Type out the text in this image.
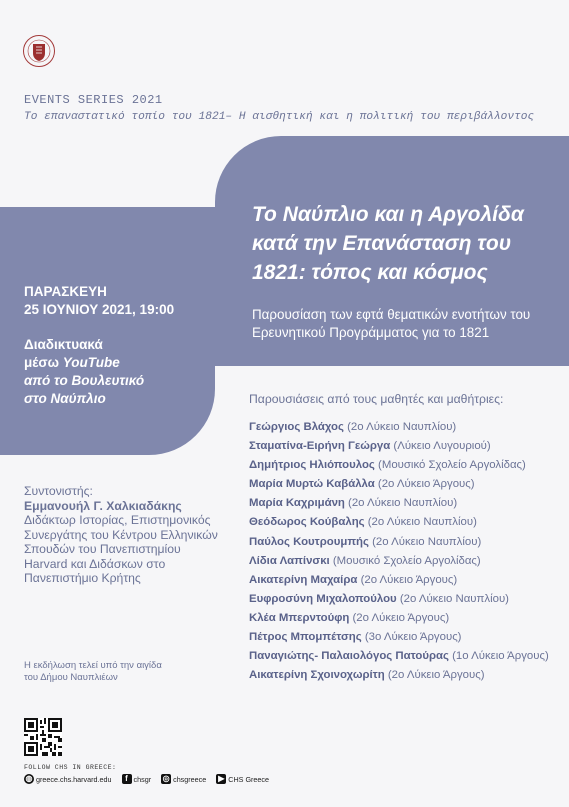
EVENTS SERIES 2021
Το επαναστατικό τοπίο του 1821– Η αισθητική και η πολιτική του περιβάλλοντος
Το Ναύπλιο και η Αργολίδα κατά την Επανάσταση του 1821: τόπος και κόσμος
Παρουσίαση των εφτά θεματικών ενοτήτων του Ερευνητικού Προγράμματος για το 1821
ΠΑΡΑΣΚΕΥΗ
25 ΙΟΥΝΙΟΥ 2021, 19:00
Διαδικτυακά
μέσω YouTube
από το Βουλευτικό
στο Ναύπλιο
Συντονιστής:
Εμμανουήλ Γ. Χαλκιαδάκης
Διδάκτωρ Ιστορίας, Επιστημονικός Συνεργάτης του Κέντρου Ελληνικών Σπουδών του Πανεπιστημίου Harvard και Διδάσκων στο Πανεπιστήμιο Κρήτης
Η εκδήλωση τελεί υπό την αιγίδα
του Δήμου Ναυπλιέων
Παρουσιάσεις από τους μαθητές και μαθήτριες:
Γεώργιος Βλάχος (2ο Λύκειο Ναυπλίου)
Σταματίνα-Ειρήνη Γεώργα (Λύκειο Λυγουριού)
Δημήτριος Ηλιόπουλος (Μουσικό Σχολείο Αργολίδας)
Μαρία Μυρτώ Καβάλλα (2ο Λύκειο Άργους)
Μαρία Καχριμάνη (2ο Λύκειο Ναυπλίου)
Θεόδωρος Κούβαλης (2ο Λύκειο Ναυπλίου)
Παύλος Κουτρουμπής (2ο Λύκειο Ναυπλίου)
Λίδια Λαπίνσκι (Μουσικό Σχολείο Αργολίδας)
Αικατερίνη Μαχαίρα (2ο Λύκειο Άργους)
Ευφροσύνη Μιχαλοπούλου (2ο Λύκειο Ναυπλίου)
Κλέα Μπερντούφη (2ο Λύκειο Άργους)
Πέτρος Μπομπέτσης (3ο Λύκειο Άργους)
Παναγιώτης- Παλαιολόγος Πατούρας (1ο Λύκειο Άργους)
Αικατερίνη Σχοινοχωρίτη (2ο Λύκειο Άργους)
FOLLOW CHS IN GREECE:
◍ greece.chs.harvard.edu	f chsgr ◎ chsgreece ▶ CHS Greece
